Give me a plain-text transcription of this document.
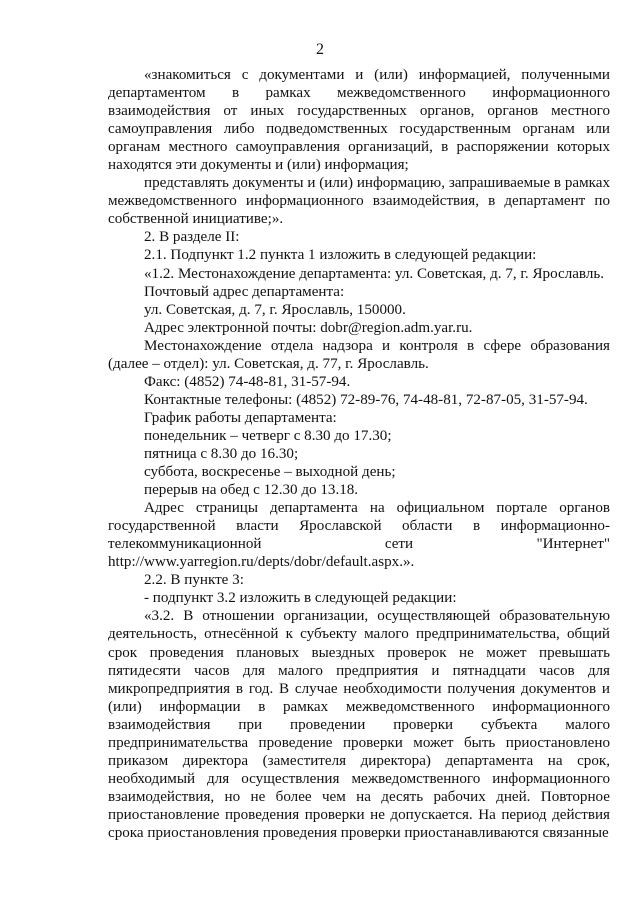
2

«знакомиться с документами и (или) информацией, полученными департаментом в рамках межведомственного информационного взаимодействия от иных государственных органов, органов местного самоуправления либо подведомственных государственным органам или органам местного самоуправления организаций, в распоряжении которых находятся эти документы и (или) информация;

представлять документы и (или) информацию, запрашиваемые в рамках межведомственного информационного взаимодействия, в департамент по собственной инициативе;».

2. В разделе II:

2.1. Подпункт 1.2 пункта 1 изложить в следующей редакции:

«1.2. Местонахождение департамента: ул. Советская, д. 7, г. Ярославль.

Почтовый адрес департамента:

ул. Советская, д. 7, г. Ярославль, 150000.

Адрес электронной почты: dobr@region.adm.yar.ru.

Местонахождение отдела надзора и контроля в сфере образования (далее – отдел): ул. Советская, д. 77, г. Ярославль.

Факс: (4852) 74-48-81, 31-57-94.

Контактные телефоны: (4852) 72-89-76, 74-48-81, 72-87-05, 31-57-94.

График работы департамента:

понедельник – четверг с 8.30 до 17.30;

пятница с 8.30 до 16.30;

суббота, воскресенье – выходной день;

перерыв на обед с 12.30 до 13.18.

Адрес страницы департамента на официальном портале органов государственной власти Ярославской области в информационно-телекоммуникационной сети "Интернет" http://www.yarregion.ru/depts/dobr/default.aspx.».

2.2. В пункте 3:

- подпункт 3.2 изложить в следующей редакции:

«3.2. В отношении организации, осуществляющей образовательную деятельность, отнесённой к субъекту малого предпринимательства, общий срок проведения плановых выездных проверок не может превышать пятидесяти часов для малого предприятия и пятнадцати часов для микропредприятия в год. В случае необходимости получения документов и (или) информации в рамках межведомственного информационного взаимодействия при проведении проверки субъекта малого предпринимательства проведение проверки может быть приостановлено приказом директора (заместителя директора) департамента на срок, необходимый для осуществления межведомственного информационного взаимодействия, но не более чем на десять рабочих дней. Повторное приостановление проведения проверки не допускается. На период действия срока приостановления проведения проверки приостанавливаются связанные
